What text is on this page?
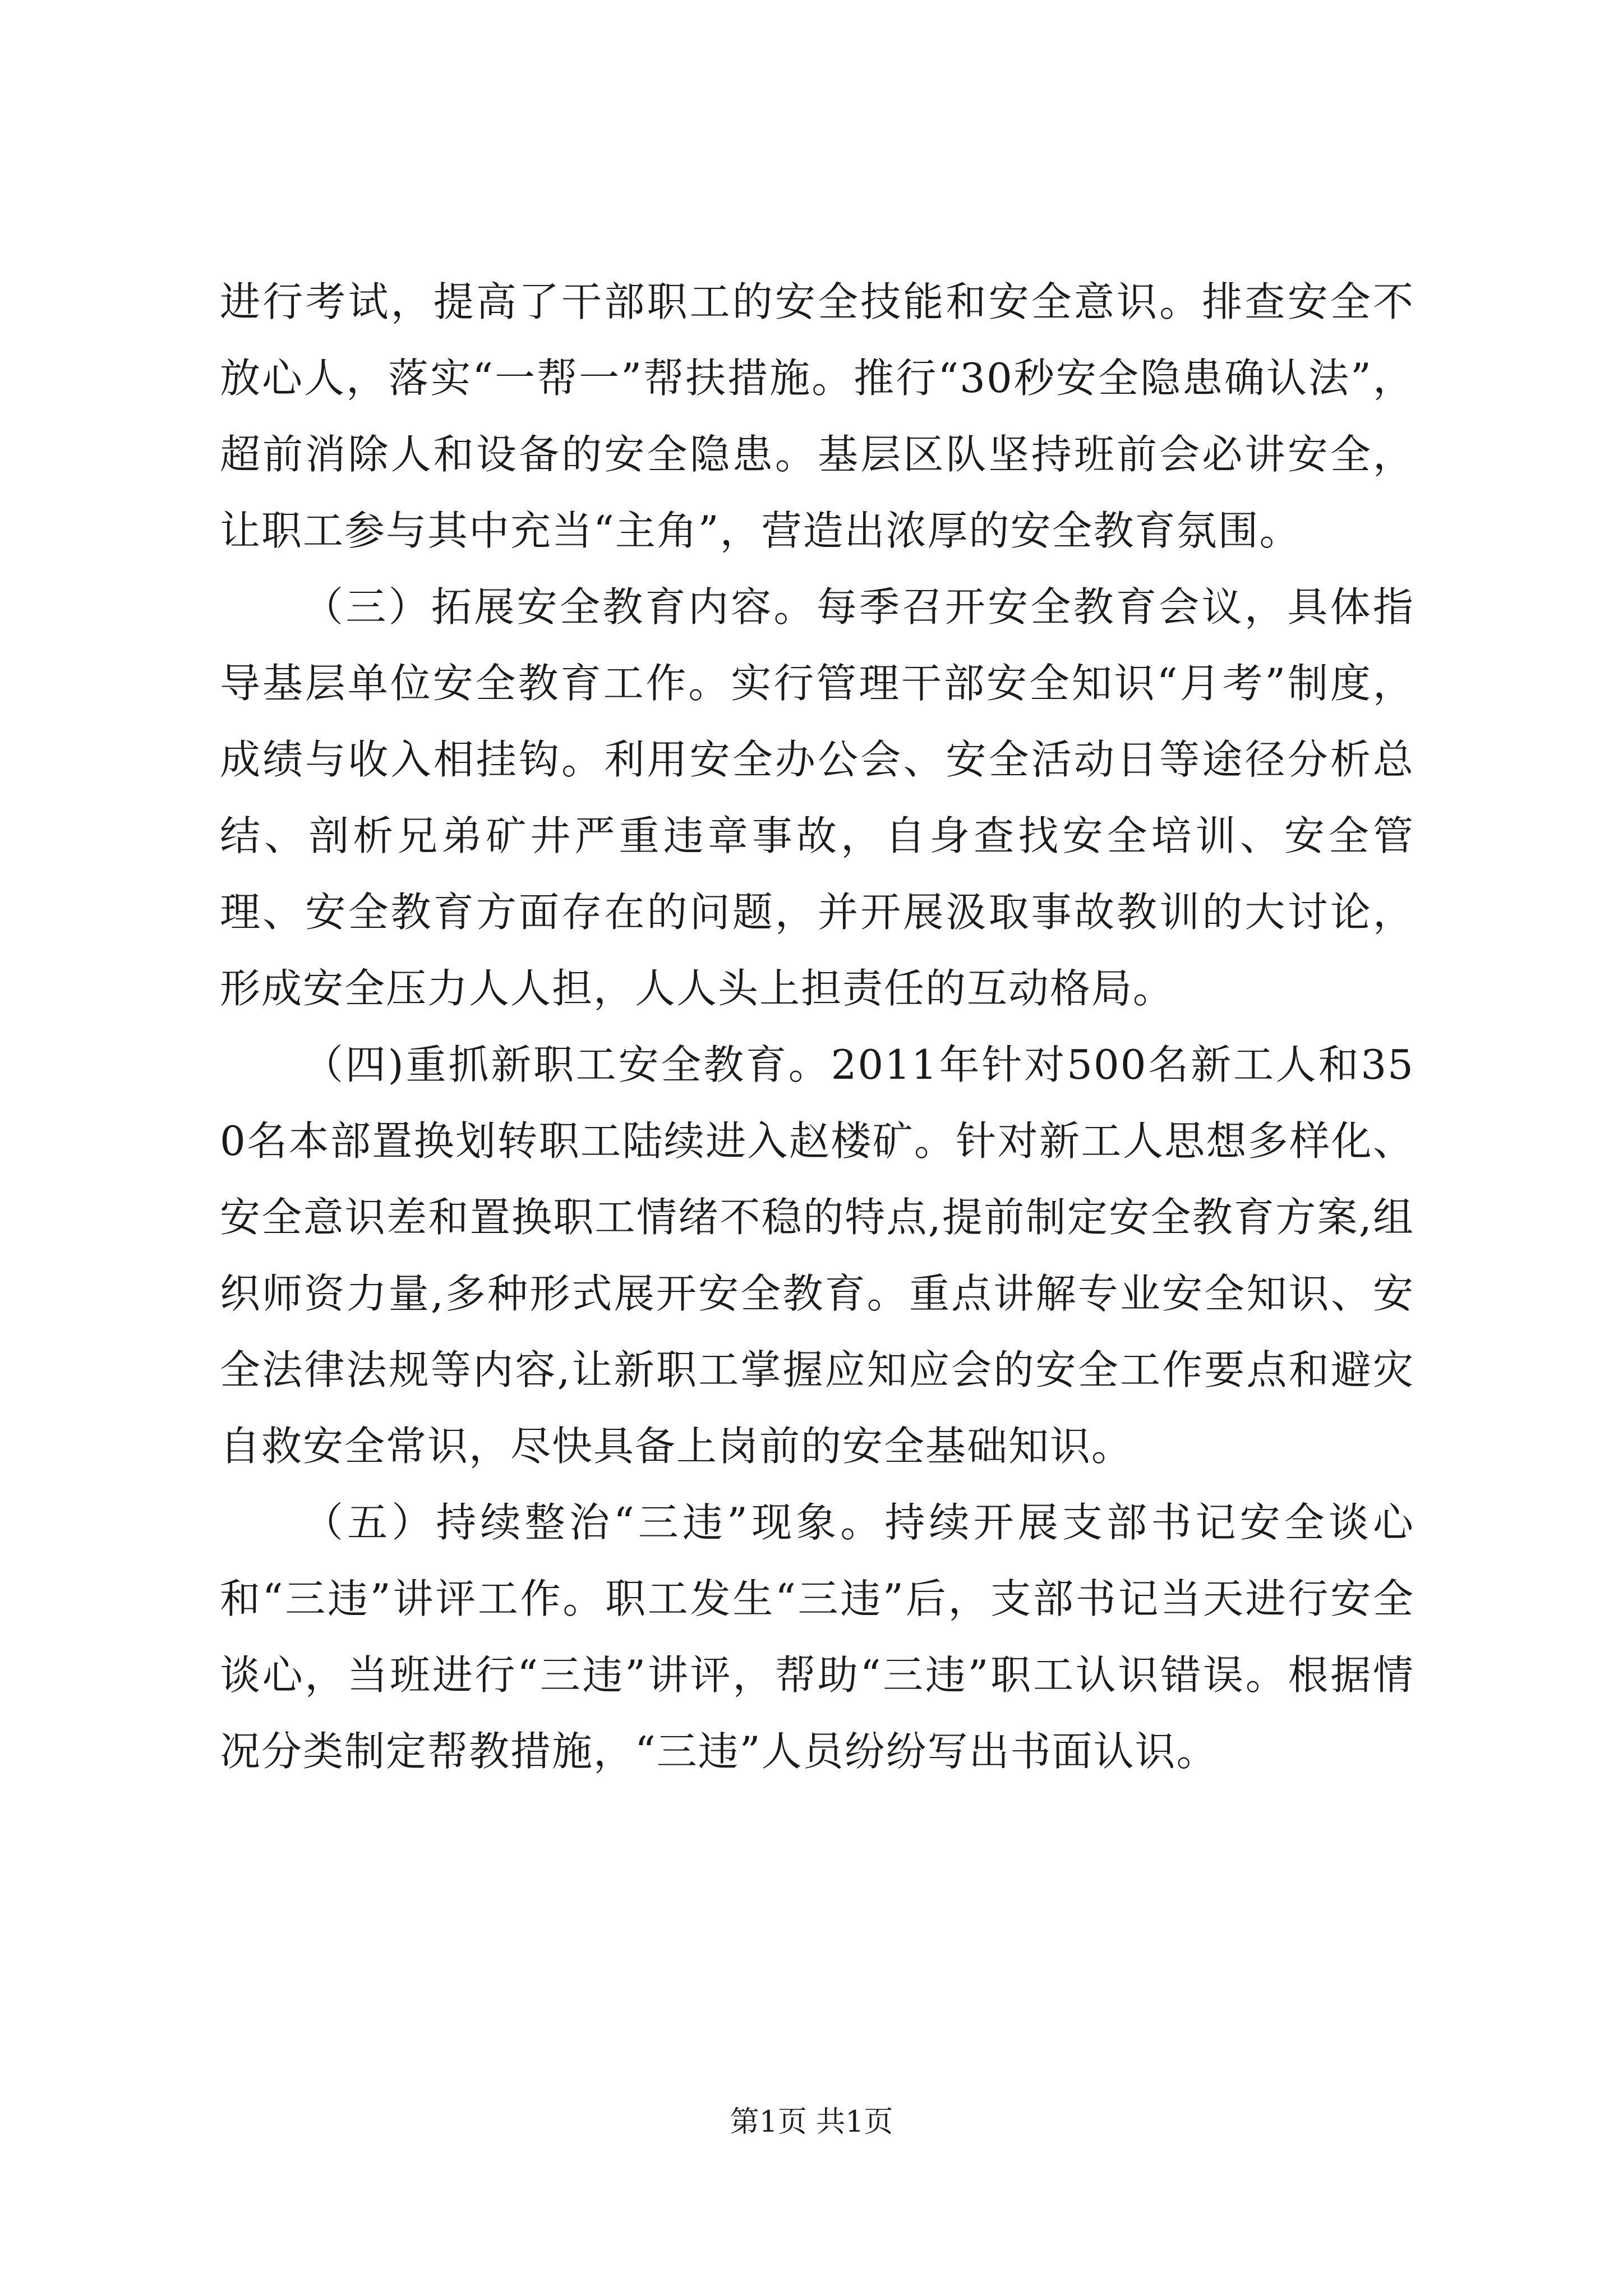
进行考试，提高了干部职工的安全技能和安全意识。排查安全不放心人，落实“一帮一”帮扶措施。推行“30秒安全隐患确认法”，超前消除人和设备的安全隐患。基层区队坚持班前会必讲安全，让职工参与其中充当“主角”，营造出浓厚的安全教育氛围。

（三）拓展安全教育内容。每季召开安全教育会议，具体指导基层单位安全教育工作。实行管理干部安全知识“月考”制度，成绩与收入相挂钩。利用安全办公会、安全活动日等途径分析总结、剖析兄弟矿井严重违章事故，自身查找安全培训、安全管理、安全教育方面存在的问题，并开展汲取事故教训的大讨论，形成安全压力人人担，人人头上担责任的互动格局。

（四)重抓新职工安全教育。2011年针对500名新工人和350名本部置换划转职工陆续进入赵楼矿。针对新工人思想多样化、安全意识差和置换职工情绪不稳的特点,提前制定安全教育方案,组织师资力量,多种形式展开安全教育。重点讲解专业安全知识、安全法律法规等内容,让新职工掌握应知应会的安全工作要点和避灾自救安全常识，尽快具备上岗前的安全基础知识。

（五）持续整治“三违”现象。持续开展支部书记安全谈心和“三违”讲评工作。职工发生“三违”后，支部书记当天进行安全谈心，当班进行“三违”讲评，帮助“三违”职工认识错误。根据情况分类制定帮教措施，“三违”人员纷纷写出书面认识。

第1页 共1页
